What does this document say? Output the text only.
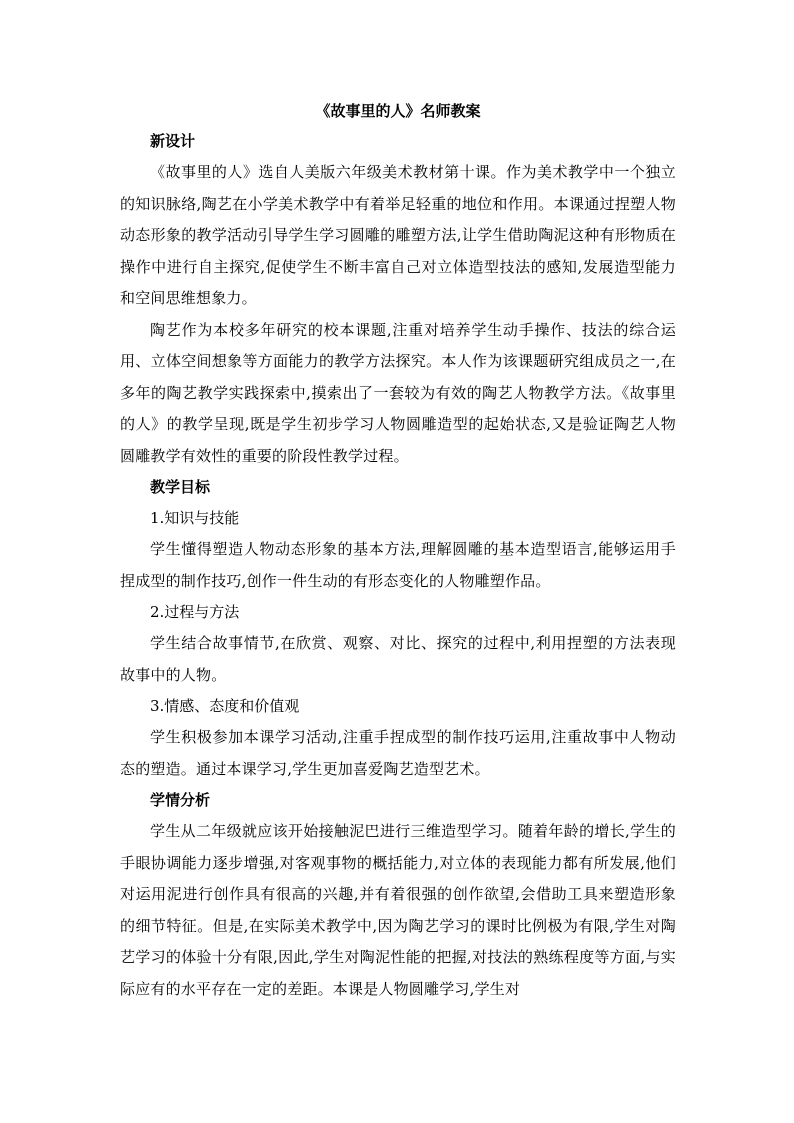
《故事里的人》名师教案

新设计

《故事里的人》选自人美版六年级美术教材第十课。作为美术教学中一个独立的知识脉络,陶艺在小学美术教学中有着举足轻重的地位和作用。本课通过捏塑人物动态形象的教学活动引导学生学习圆雕的雕塑方法,让学生借助陶泥这种有形物质在操作中进行自主探究,促使学生不断丰富自己对立体造型技法的感知,发展造型能力和空间思维想象力。

陶艺作为本校多年研究的校本课题,注重对培养学生动手操作、技法的综合运用、立体空间想象等方面能力的教学方法探究。本人作为该课题研究组成员之一,在多年的陶艺教学实践探索中,摸索出了一套较为有效的陶艺人物教学方法。《故事里的人》的教学呈现,既是学生初步学习人物圆雕造型的起始状态,又是验证陶艺人物圆雕教学有效性的重要的阶段性教学过程。

教学目标

1.知识与技能

学生懂得塑造人物动态形象的基本方法,理解圆雕的基本造型语言,能够运用手捏成型的制作技巧,创作一件生动的有形态变化的人物雕塑作品。

2.过程与方法

学生结合故事情节,在欣赏、观察、对比、探究的过程中,利用捏塑的方法表现故事中的人物。

3.情感、态度和价值观

学生积极参加本课学习活动,注重手捏成型的制作技巧运用,注重故事中人物动态的塑造。通过本课学习,学生更加喜爱陶艺造型艺术。

学情分析

学生从二年级就应该开始接触泥巴进行三维造型学习。随着年龄的增长,学生的手眼协调能力逐步增强,对客观事物的概括能力,对立体的表现能力都有所发展,他们对运用泥进行创作具有很高的兴趣,并有着很强的创作欲望,会借助工具来塑造形象的细节特征。但是,在实际美术教学中,因为陶艺学习的课时比例极为有限,学生对陶艺学习的体验十分有限,因此,学生对陶泥性能的把握,对技法的熟练程度等方面,与实际应有的水平存在一定的差距。本课是人物圆雕学习,学生对
